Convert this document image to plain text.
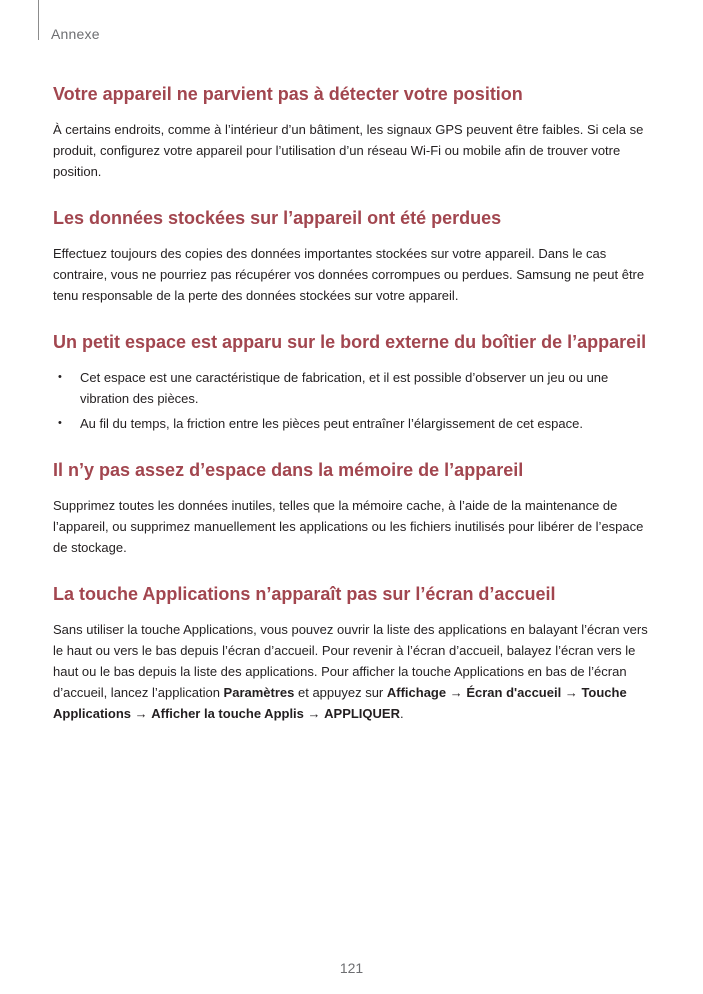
Annexe
Votre appareil ne parvient pas à détecter votre position

À certains endroits, comme à l’intérieur d’un bâtiment, les signaux GPS peuvent être faibles. Si cela se produit, configurez votre appareil pour l’utilisation d’un réseau Wi-Fi ou mobile afin de trouver votre position.

Les données stockées sur l’appareil ont été perdues

Effectuez toujours des copies des données importantes stockées sur votre appareil. Dans le cas contraire, vous ne pourriez pas récupérer vos données corrompues ou perdues. Samsung ne peut être tenu responsable de la perte des données stockées sur votre appareil.

Un petit espace est apparu sur le bord externe du boîtier de l’appareil
• Cet espace est une caractéristique de fabrication, et il est possible d’observer un jeu ou une vibration des pièces.
• Au fil du temps, la friction entre les pièces peut entraîner l’élargissement de cet espace.
Il n’y pas assez d’espace dans la mémoire de l’appareil

Supprimez toutes les données inutiles, telles que la mémoire cache, à l’aide de la maintenance de l’appareil, ou supprimez manuellement les applications ou les fichiers inutilisés pour libérer de l’espace de stockage.

La touche Applications n’apparaît pas sur l’écran d’accueil

Sans utiliser la touche Applications, vous pouvez ouvrir la liste des applications en balayant l’écran vers le haut ou vers le bas depuis l’écran d’accueil. Pour revenir à l’écran d’accueil, balayez l’écran vers le haut ou le bas depuis la liste des applications. Pour afficher la touche Applications en bas de l’écran d’accueil, lancez l’application Paramètres et appuyez sur Affichage → Écran d'accueil → Touche Applications → Afficher la touche Applis → APPLIQUER.

121
